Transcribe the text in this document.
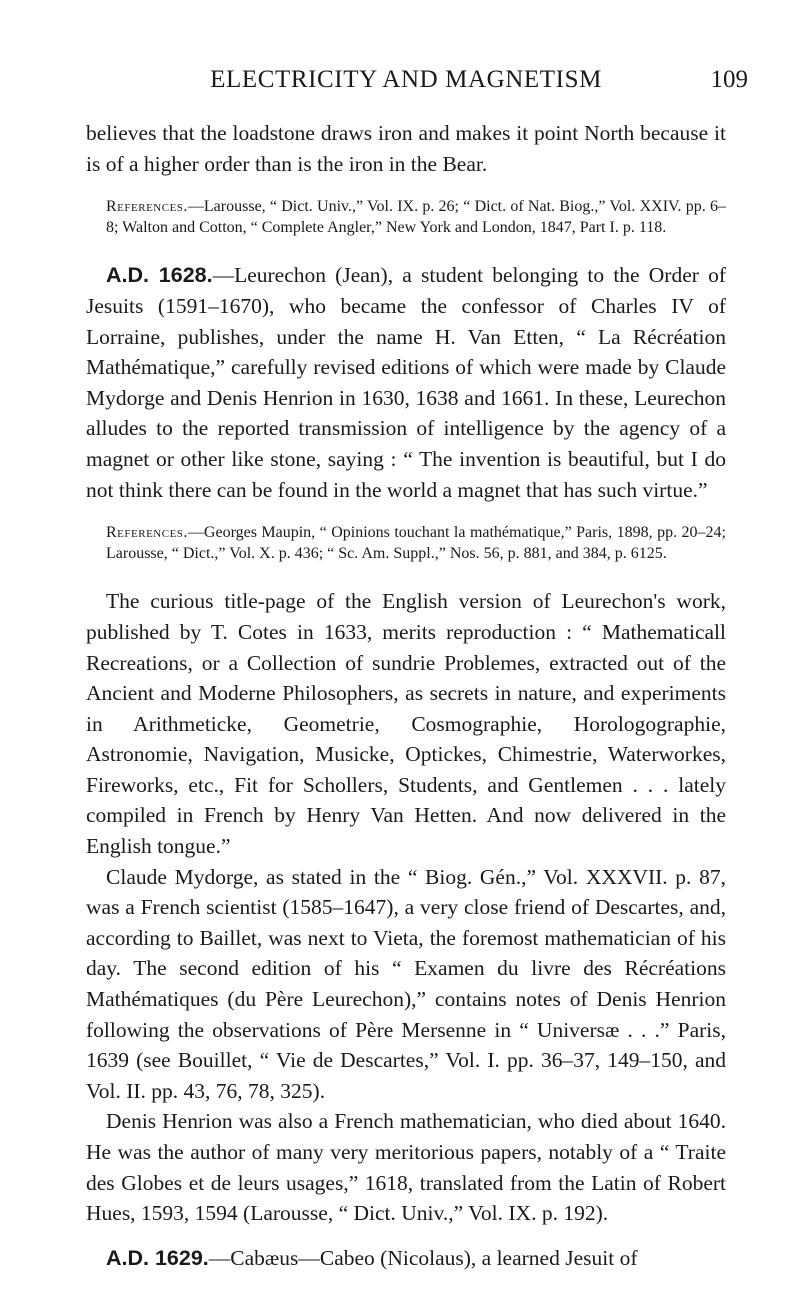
ELECTRICITY AND MAGNETISM	109

believes that the loadstone draws iron and makes it point North because it is of a higher order than is the iron in the Bear.

References.—Larousse, “ Dict. Univ.,” Vol. IX. p. 26; “ Dict. of Nat. Biog.,” Vol. XXIV. pp. 6–8; Walton and Cotton, “ Complete Angler,” New York and London, 1847, Part I. p. 118.

A.D. 1628.—Leurechon (Jean), a student belonging to the Order of Jesuits (1591–1670), who became the confessor of Charles IV of Lorraine, publishes, under the name H. Van Etten, “ La Récréation Mathématique,” carefully revised editions of which were made by Claude Mydorge and Denis Henrion in 1630, 1638 and 1661. In these, Leurechon alludes to the reported transmission of intelligence by the agency of a magnet or other like stone, saying : “ The invention is beautiful, but I do not think there can be found in the world a magnet that has such virtue.”

References.—Georges Maupin, “ Opinions touchant la mathématique,” Paris, 1898, pp. 20–24; Larousse, “ Dict.,” Vol. X. p. 436; “ Sc. Am. Suppl.,” Nos. 56, p. 881, and 384, p. 6125.

The curious title-page of the English version of Leurechon's work, published by T. Cotes in 1633, merits reproduction : “ Mathematicall Recreations, or a Collection of sundrie Problemes, extracted out of the Ancient and Moderne Philosophers, as secrets in nature, and experiments in Arithmeticke, Geometrie, Cosmographie, Horologographie, Astronomie, Navigation, Musicke, Optickes, Chimestrie, Waterworkes, Fireworks, etc., Fit for Schollers, Students, and Gentlemen . . . lately compiled in French by Henry Van Hetten. And now delivered in the English tongue.”

Claude Mydorge, as stated in the “ Biog. Gén.,” Vol. XXXVII. p. 87, was a French scientist (1585–1647), a very close friend of Descartes, and, according to Baillet, was next to Vieta, the foremost mathematician of his day. The second edition of his “ Examen du livre des Récréations Mathématiques (du Père Leurechon),” contains notes of Denis Henrion following the observations of Père Mersenne in “ Universæ . . .” Paris, 1639 (see Bouillet, “ Vie de Descartes,” Vol. I. pp. 36–37, 149–150, and Vol. II. pp. 43, 76, 78, 325).

Denis Henrion was also a French mathematician, who died about 1640. He was the author of many very meritorious papers, notably of a “ Traite des Globes et de leurs usages,” 1618, translated from the Latin of Robert Hues, 1593, 1594 (Larousse, “ Dict. Univ.,” Vol. IX. p. 192).

A.D. 1629.—Cabæus—Cabeo (Nicolaus), a learned Jesuit of
